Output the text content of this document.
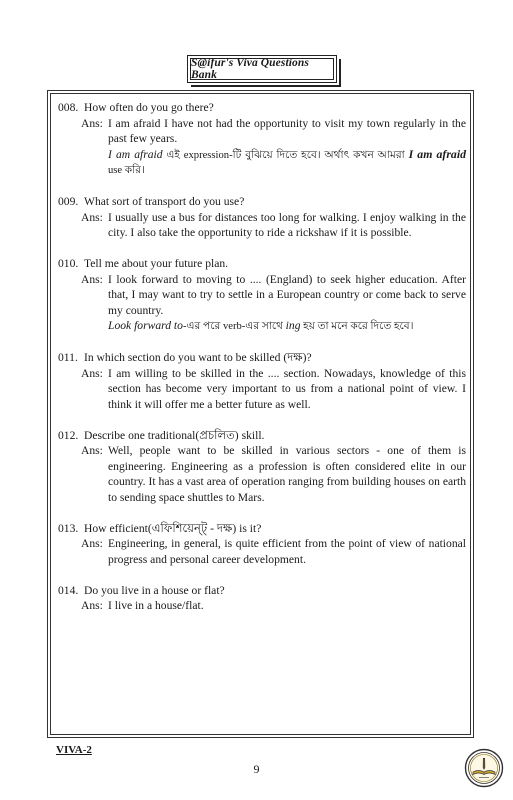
S@ifur's Viva Questions Bank
008. How often do you go there?
Ans: I am afraid I have not had the opportunity to visit my town regularly in the past few years.
I am afraid এই expression-টি বুঝিয়ে দিতে হবে। অর্থাৎ কখন আমরা I am afraid use করি।
009. What sort of transport do you use?
Ans: I usually use a bus for distances too long for walking. I enjoy walking in the city. I also take the opportunity to ride a rickshaw if it is possible.
010. Tell me about your future plan.
Ans: I look forward to moving to .... (England) to seek higher education. After that, I may want to try to settle in a European country or come back to serve my country.
Look forward to-এর পরে verb-এর সাথে ing হয় তা মনে করে দিতে হবে।
011. In which section do you want to be skilled (দক্ষ)?
Ans: I am willing to be skilled in the .... section. Nowadays, knowledge of this section has become very important to us from a national point of view. I think it will offer me a better future as well.
012. Describe one traditional(প্রচলিত) skill.
Ans: Well, people want to be skilled in various sectors - one of them is engineering. Engineering as a profession is often considered elite in our country. It has a vast area of operation ranging from building houses on earth to sending space shuttles to Mars.
013. How efficient(এফিশিয়েন্ট্‌ - দক্ষ) is it?
Ans: Engineering, in general, is quite efficient from the point of view of national progress and personal career development.
014. Do you live in a house or flat?
Ans: I live in a house/flat.
VIVA-2
9
